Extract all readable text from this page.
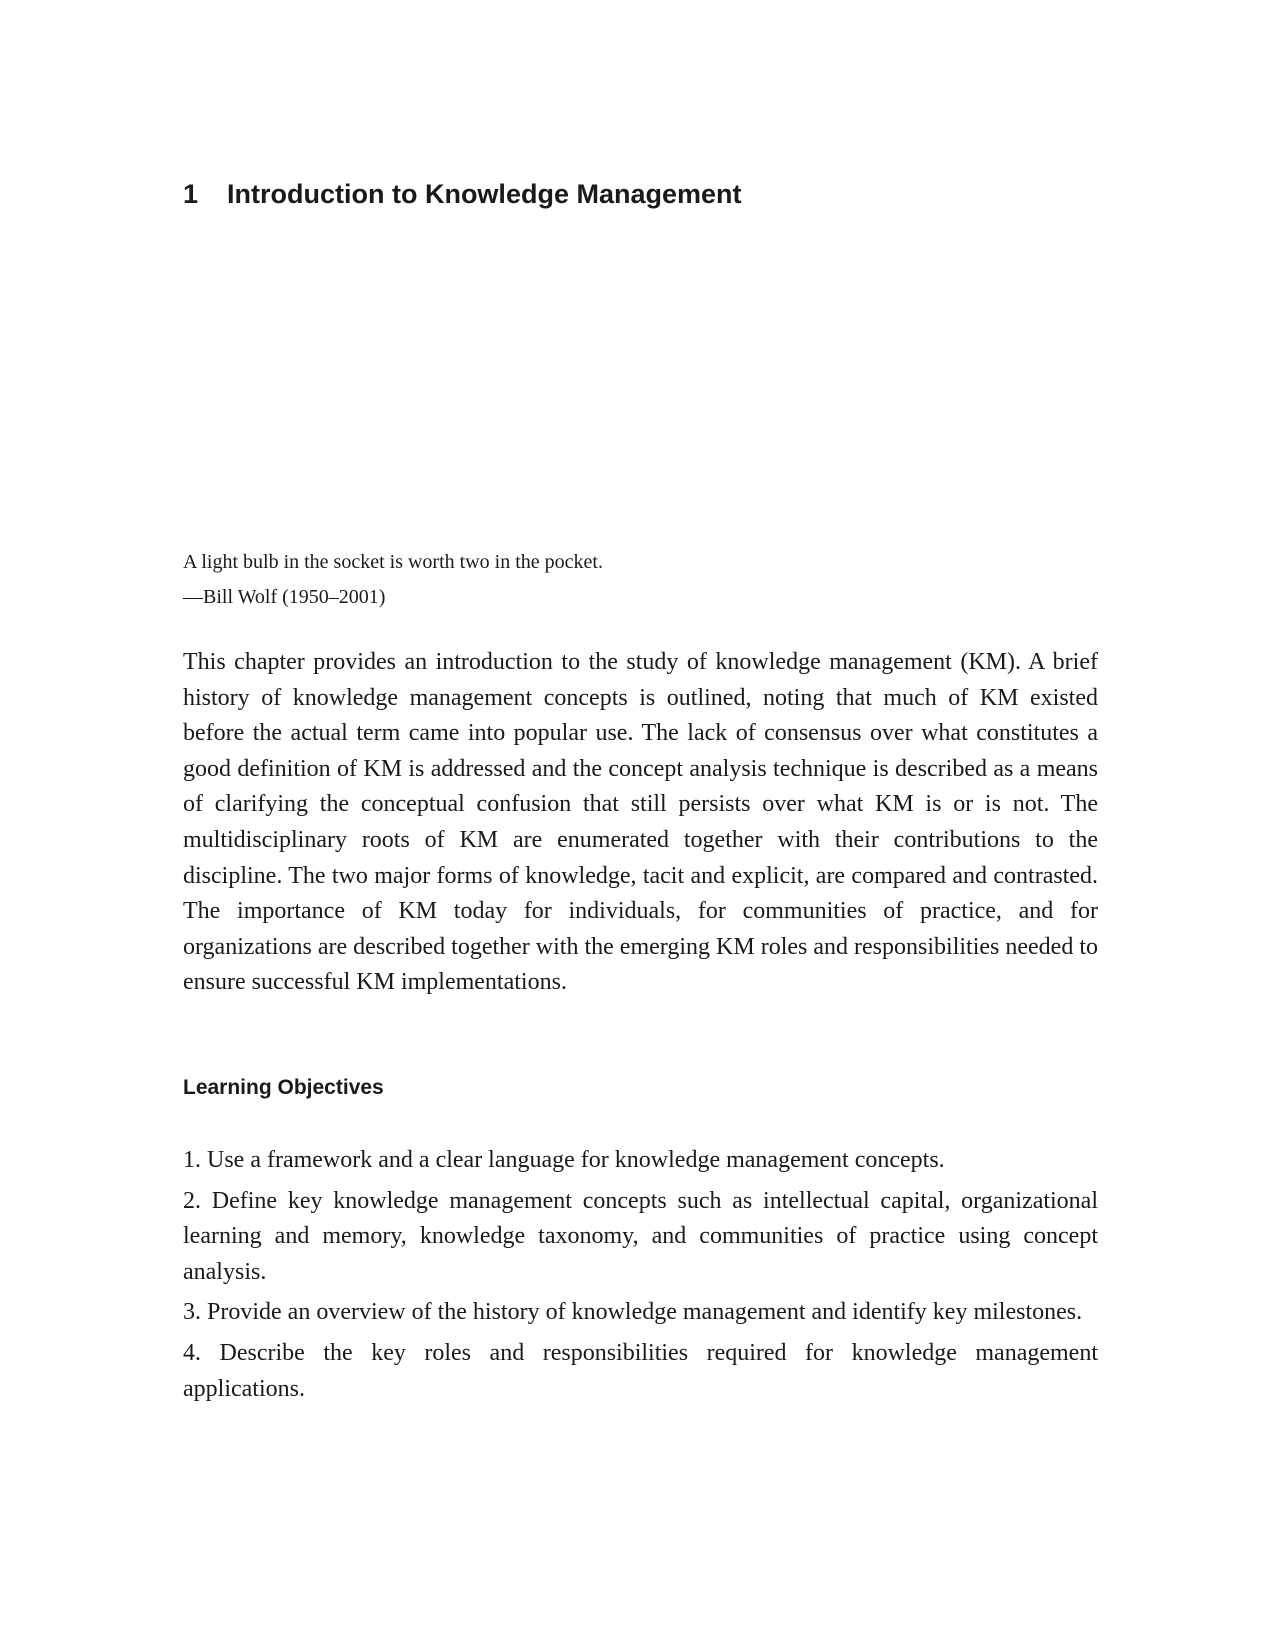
1 Introduction to Knowledge Management
A light bulb in the socket is worth two in the pocket.
—Bill Wolf (1950–2001)

This chapter provides an introduction to the study of knowledge management (KM). A brief history of knowledge management concepts is outlined, noting that much of KM existed before the actual term came into popular use. The lack of consensus over what constitutes a good definition of KM is addressed and the concept analysis technique is described as a means of clarifying the conceptual confusion that still persists over what KM is or is not. The multidisciplinary roots of KM are enumerated together with their contributions to the discipline. The two major forms of knowledge, tacit and explicit, are compared and contrasted. The importance of KM today for individuals, for communities of practice, and for organizations are described together with the emerging KM roles and responsibilities needed to ensure successful KM implementations.

Learning Objectives
1. Use a framework and a clear language for knowledge management concepts.
2. Define key knowledge management concepts such as intellectual capital, organizational learning and memory, knowledge taxonomy, and communities of practice using concept analysis.
3. Provide an overview of the history of knowledge management and identify key milestones.
4. Describe the key roles and responsibilities required for knowledge management applications.
